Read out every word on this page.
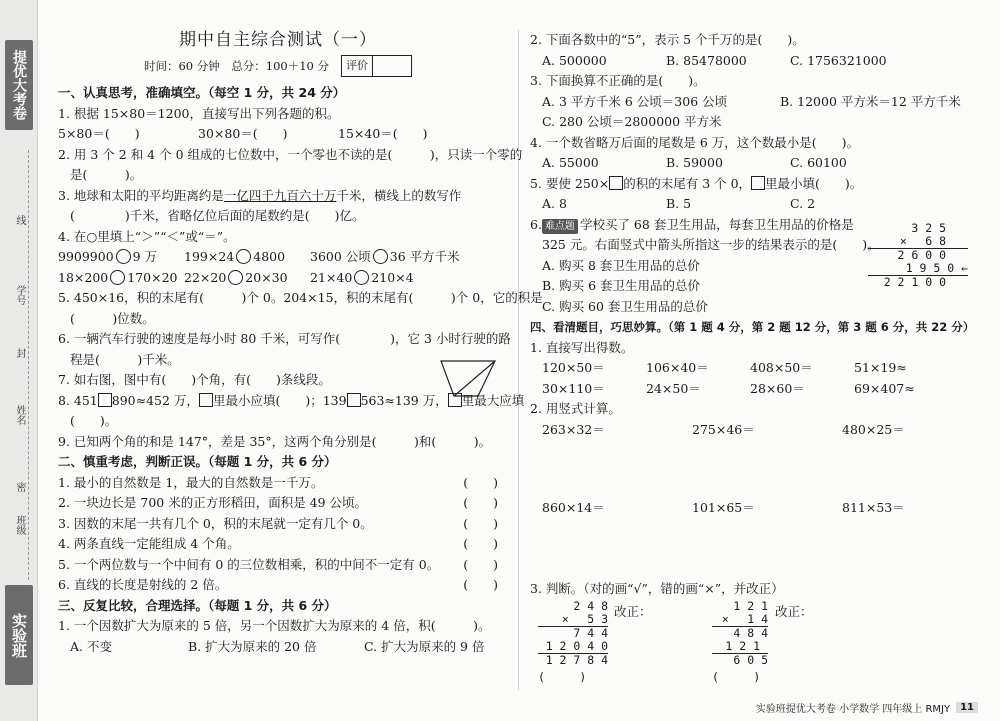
提优大考卷
线
学号
封
姓名
密
班级
实验班
期中自主综合测试（一）
时间：60 分钟　总分：100＋10 分	评价
一、认真思考，准确填空。（每空 1 分，共 24 分）
1. 根据 15×80＝1200，直接写出下列各题的积。
5×80＝(　　)	30×80＝(　　)	15×40＝(　　)
2. 用 3 个 2 和 4 个 0 组成的七位数中，一个零也不读的是(　　　)，只读一个零的
是(　　　)。
3. 地球和太阳的平均距离约是一亿四千九百六十万千米，横线上的数写作
(　　　　)千米，省略亿位后面的尾数约是(　　)亿。
4. 在○里填上“＞”“＜”或“＝”。
9909900 9 万	199×24 4800	3600 公顷 36 平方千米
18×200 170×20 22×20 20×30	21×40 210×4
5. 450×16，积的末尾有(　　　)个 0。204×15，积的末尾有(　　　)个 0，它的积是
(　　　)位数。
6. 一辆汽车行驶的速度是每小时 80 千米，可写作(　　　　)，它 3 小时行驶的路
程是(　　　)千米。
7. 如右图，图中有(　　)个角，有(　　)条线段。
8. 451 890≈452 万， 里最小应填(　　)；139 563≈139 万， 里最大应填
(　　)。
9. 已知两个角的和是 147°，差是 35°，这两个角分别是(　　　)和(　　　)。
二、慎重考虑，判断正误。（每题 1 分，共 6 分）
1. 最小的自然数是 1，最大的自然数是一千万。	(　　)
2. 一块边长是 700 米的正方形稻田，面积是 49 公顷。	(　　)
3. 因数的末尾一共有几个 0，积的末尾就一定有几个 0。	(　　)
4. 两条直线一定能组成 4 个角。	(　　)
5. 一个两位数与一个中间有 0 的三位数相乘，积的中间不一定有 0。 (　　)
6. 直线的长度是射线的 2 倍。	(　　)
三、反复比较，合理选择。（每题 1 分，共 6 分）
1. 一个因数扩大为原来的 5 倍，另一个因数扩大为原来的 4 倍，积(　　　)。
A. 不变	B. 扩大为原来的 20 倍	C. 扩大为原来的 9 倍
2. 下面各数中的“5”，表示 5 个千万的是(　　)。
A. 500000	B. 85478000	C. 1756321000
3. 下面换算不正确的是(　　)。
A. 3 平方千米 6 公顷＝306 公顷	B. 12000 平方米＝12 平方千米
C. 280 公顷＝2800000 平方米
4. 一个数省略万后面的尾数是 6 万，这个数最小是(　　)。
A. 55000	B. 59000	C. 60100
5. 要使 250× 的积的末尾有 3 个 0， 里最小填(　　)。
A. 8	B. 5	C. 2
6. 难点题 学校买了 68 套卫生用品，每套卫生用品的价格是
325 元。右面竖式中箭头所指这一步的结果表示的是(　　)。
A. 购买 8 套卫生用品的总价
B. 购买 6 套卫生用品的总价
C. 购买 60 套卫生用品的总价
四、看清题目，巧思妙算。（第 1 题 4 分，第 2 题 12 分，第 3 题 6 分，共 22 分）
1. 直接写出得数。
120×50＝	106×40＝	408×50＝	51×19≈
30×110＝	24×50＝	28×60＝	69×407≈
2. 用竖式计算。
263×32＝	275×46＝	480×25＝
860×14＝	101×65＝	811×53＝
3. 判断。（对的画“√”，错的画“×”，并改正）
3 2 5
× 　6 8
2 6 0 0
1 9 5 0 ←
2 2 1 0 0
2 4 8
× 　5 3
7 4 4
1 2 0 4 0
1 2 7 8 4
(　　　)
改正：	1 2 1
× 　1 4
4 8 4
1 2 1
6 0 5
(　　　)
改正：
实验班提优大考卷 小学数学 四年级上 RMJY	11
